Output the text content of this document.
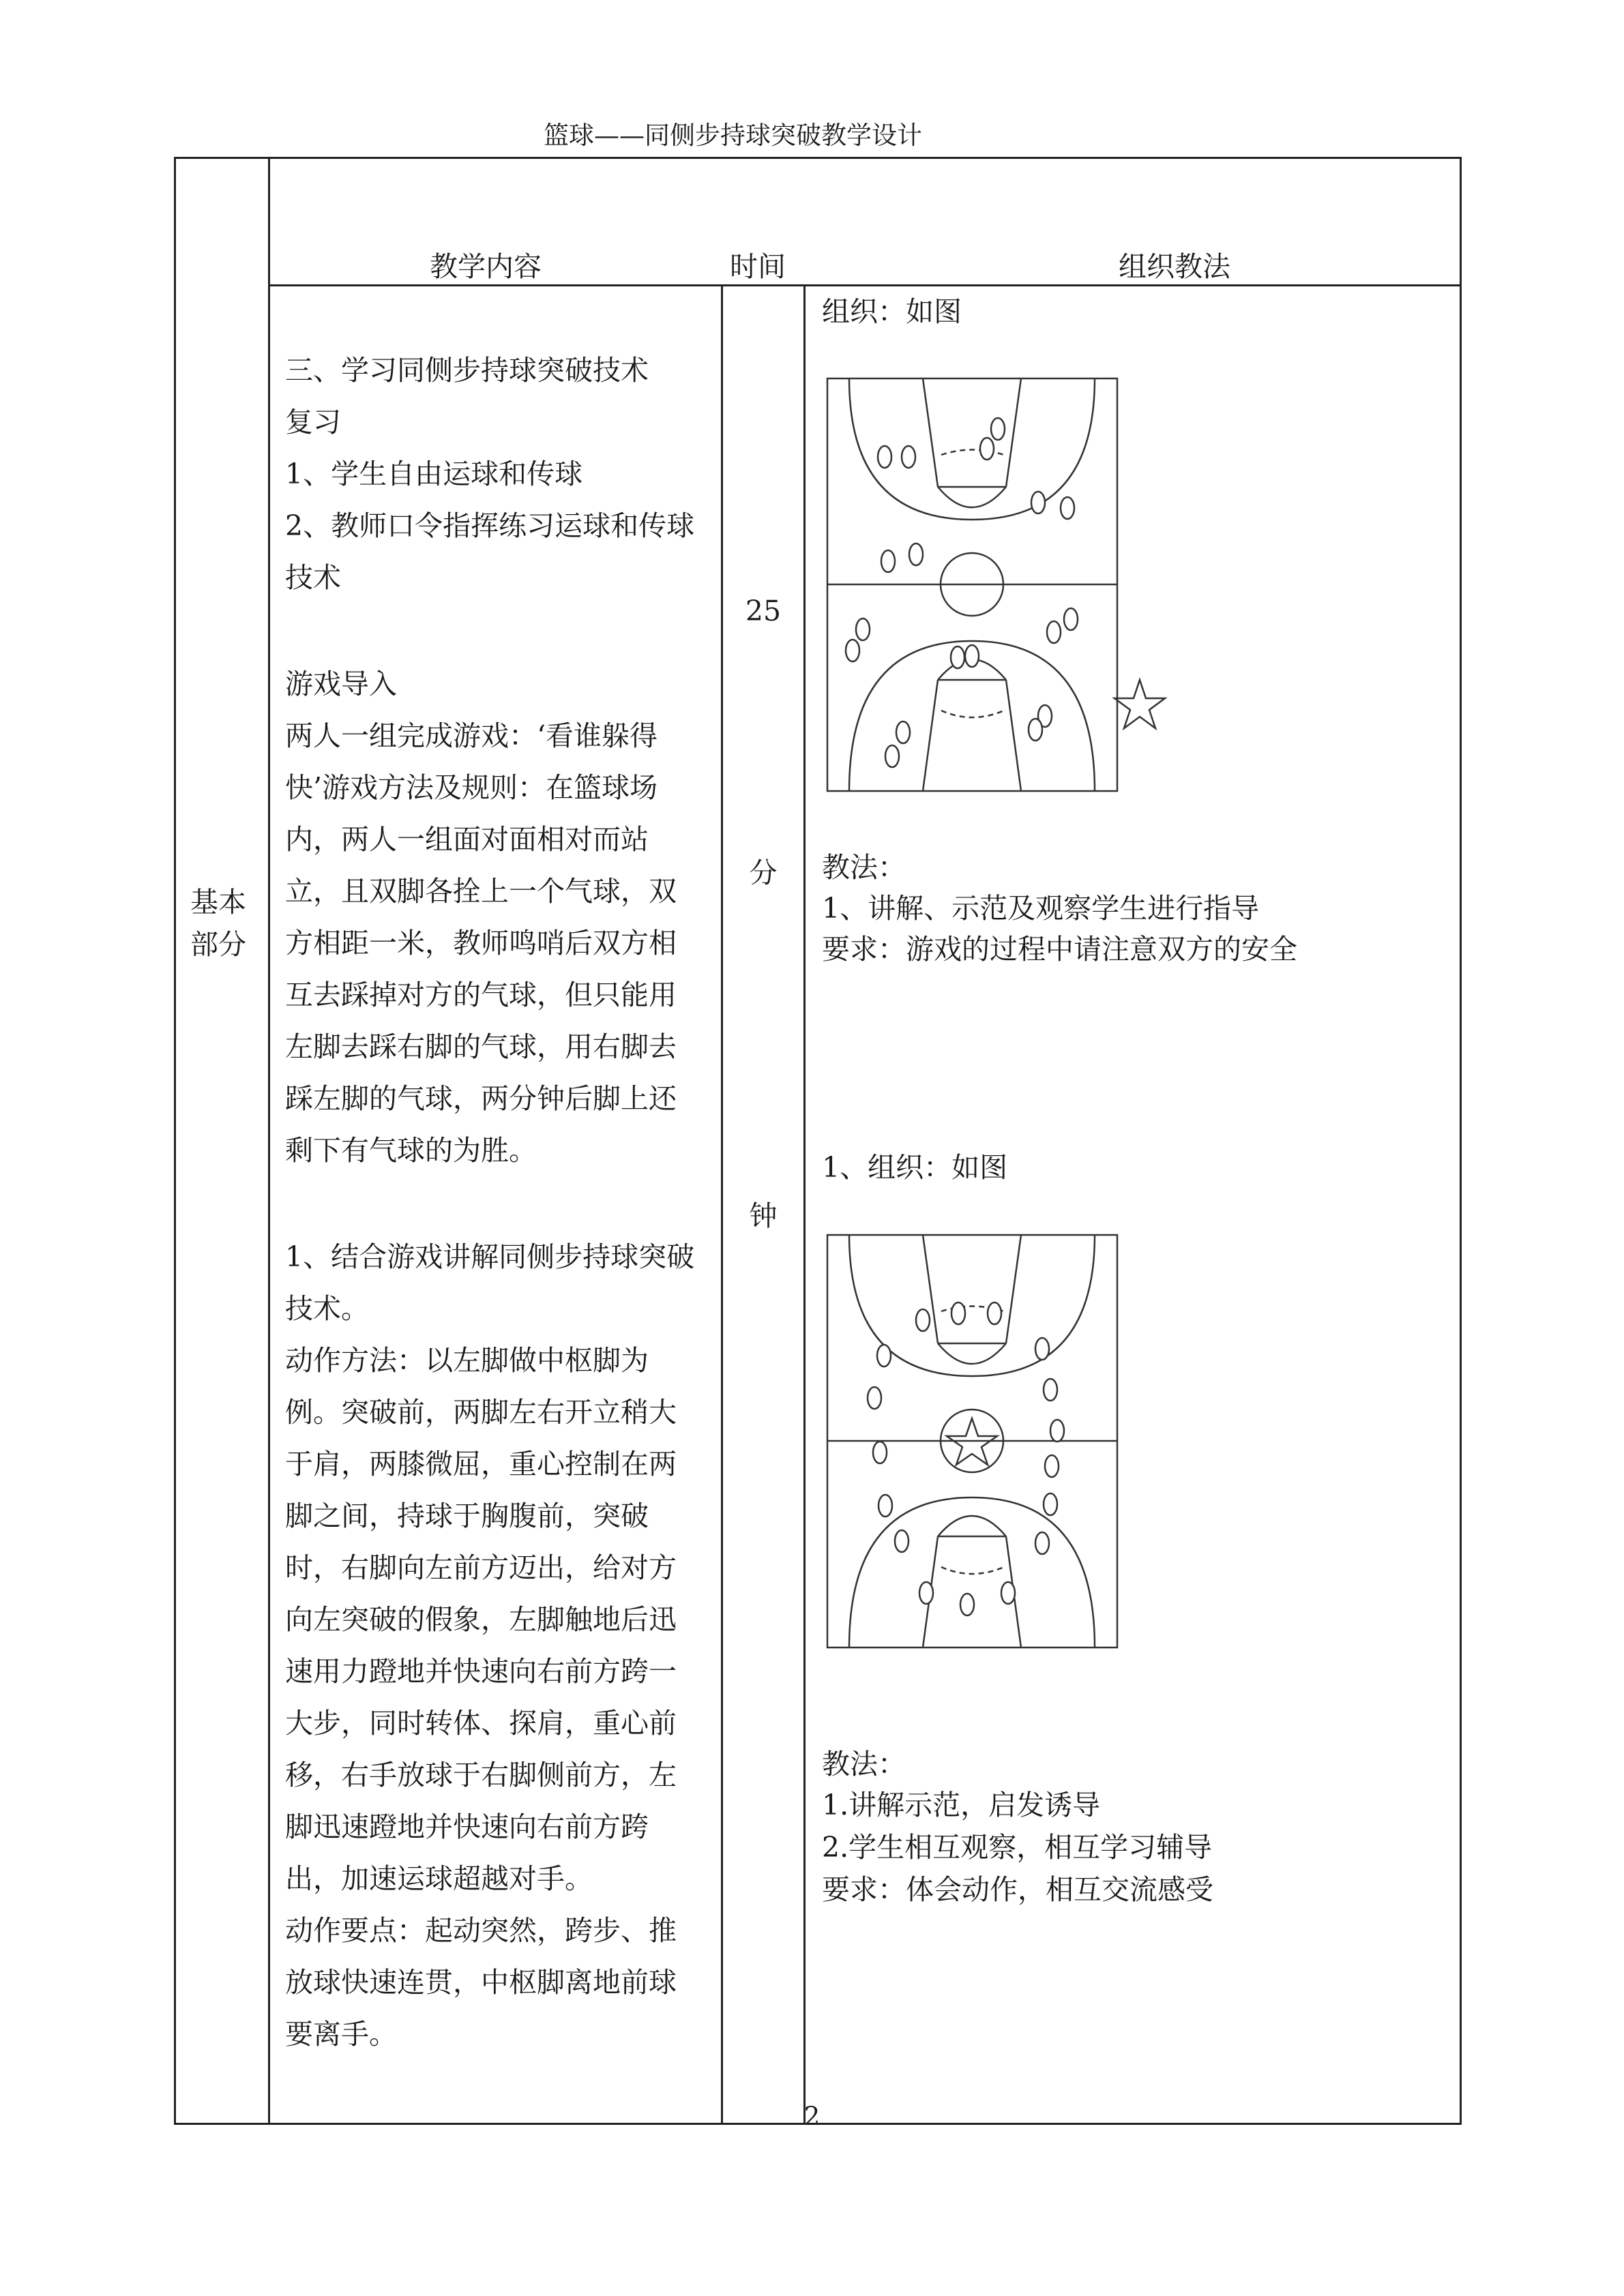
篮球——同侧步持球突破教学设计
教学内容	时间	组织教法
基本
部分
三、学习同侧步持球突破技术
复习
1、学生自由运球和传球
2、教师口令指挥练习运球和传球
技术
游戏导入
两人一组完成游戏：‘看谁躲得
快’游戏方法及规则：在篮球场
内，两人一组面对面相对而站
立，且双脚各拴上一个气球，双
方相距一米，教师鸣哨后双方相
互去踩掉对方的气球，但只能用
左脚去踩右脚的气球，用右脚去
踩左脚的气球，两分钟后脚上还
剩下有气球的为胜。
1、结合游戏讲解同侧步持球突破
技术。
动作方法：以左脚做中枢脚为
例。突破前，两脚左右开立稍大
于肩，两膝微屈，重心控制在两
脚之间，持球于胸腹前，突破
时，右脚向左前方迈出，给对方
向左突破的假象，左脚触地后迅
速用力蹬地并快速向右前方跨一
大步，同时转体、探肩，重心前
移，右手放球于右脚侧前方，左
脚迅速蹬地并快速向右前方跨
出，加速运球超越对手。
动作要点：起动突然，跨步、推
放球快速连贯，中枢脚离地前球
要离手。
25
分
钟
组织：如图
教法：
1、讲解、示范及观察学生进行指导
要求：游戏的过程中请注意双方的安全
1、组织：如图
教法：
1.讲解示范，启发诱导
2.学生相互观察，相互学习辅导
要求：体会动作，相互交流感受
2
